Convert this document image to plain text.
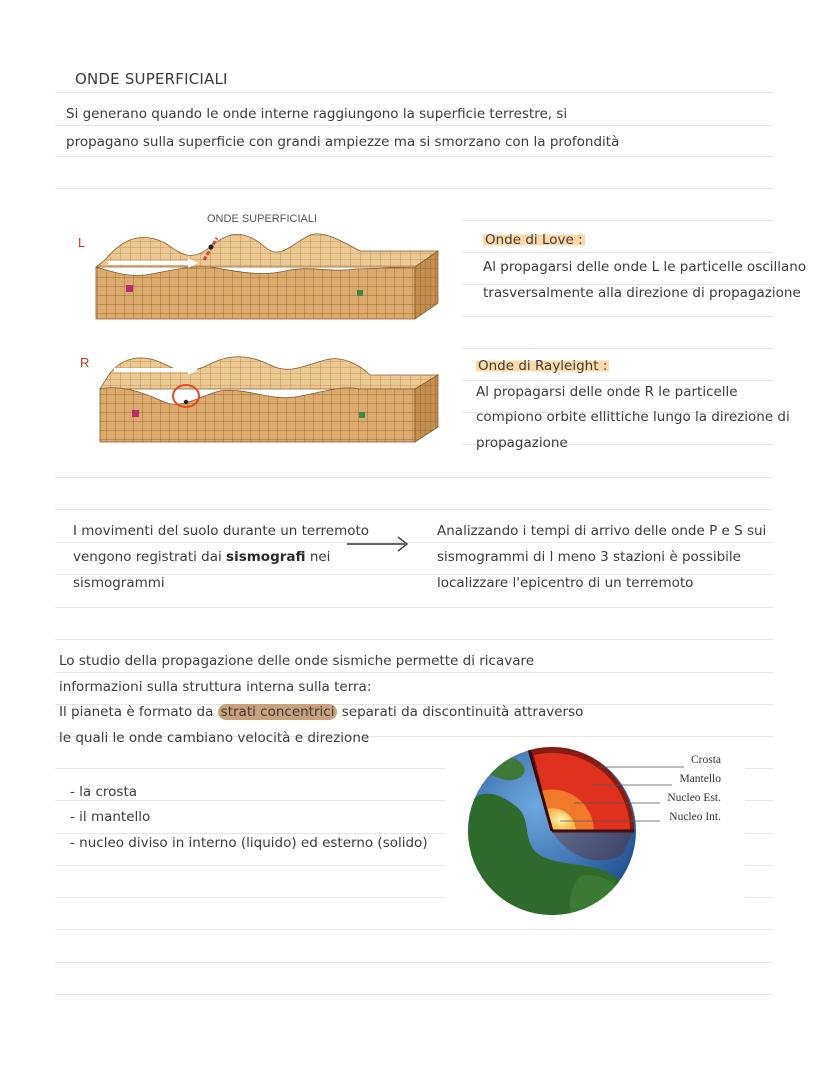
ONDE SUPERFICIALI
Si generano quando le onde interne raggiungono la superficie terrestre, si
propagano sulla superficie con grandi ampiezze ma si smorzano con la profondità
ONDE SUPERFICIALI
L
R
Onde di Love :
Al propagarsi delle onde L le particelle oscillano
trasversalmente alla direzione di propagazione
Onde di Rayleight :
Al propagarsi delle onde R le particelle
compiono orbite ellittiche lungo la direzione di
propagazione
I movimenti del suolo durante un terremoto
vengono registrati dai sismografi nei
sismogrammi
Analizzando i tempi di arrivo delle onde P e S sui
sismogrammi di l meno 3 stazioni è possibile
localizzare l'epicentro di un terremoto
Lo studio della propagazione delle onde sismiche permette di ricavare
informazioni sulla struttura interna sulla terra:
Il pianeta è formato da strati concentrici separati da discontinuità attraverso
le quali le onde cambiano velocità e direzione
- la crosta
- il mantello
- nucleo diviso in interno (liquido) ed esterno (solido)
Crosta
Mantello
Nucleo Est.
Nucleo Int.
